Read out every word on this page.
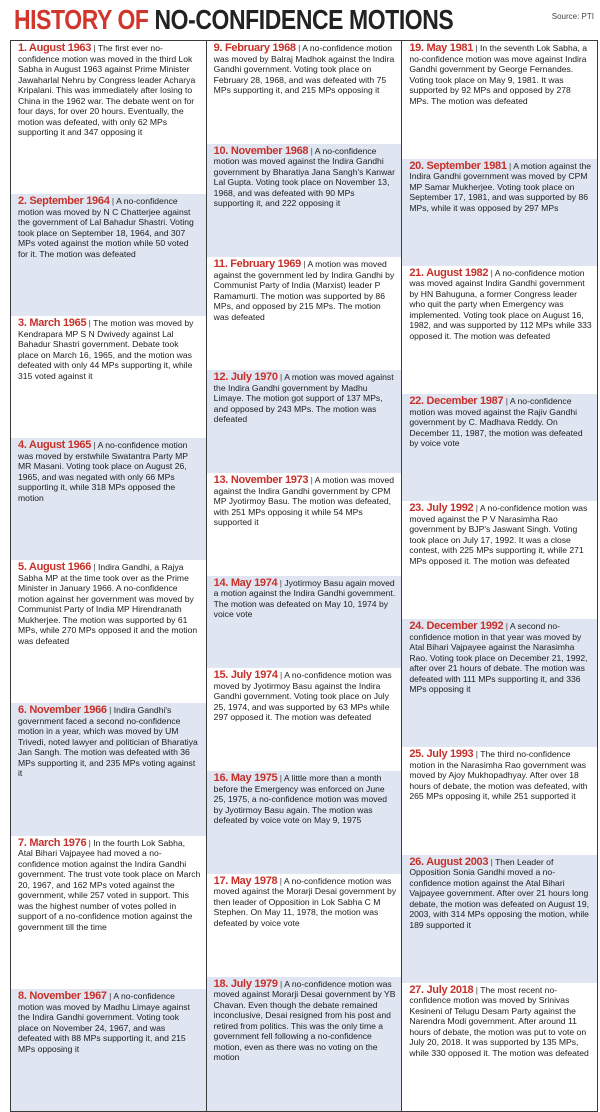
HISTORY OF NO-CONFIDENCE MOTIONS	Source: PTI
1. August 1963 | The first ever no-confidence motion was moved in the third Lok Sabha in August 1963 against Prime Minister Jawaharlal Nehru by Congress leader Acharya Kripalani. This was immediately after losing to China in the 1962 war. The debate went on for four days, for over 20 hours. Eventually, the motion was defeated, with only 62 MPs supporting it and 347 opposing it
2. September 1964 | A no-confidence motion was moved by N C Chatterjee against the government of Lal Bahadur Shastri. Voting took place on September 18, 1964, and 307 MPs voted against the motion while 50 voted for it. The motion was defeated
3. March 1965 | The motion was moved by Kendrapara MP S N Dwivedy against Lal Bahadur Shastri government. Debate took place on March 16, 1965, and the motion was defeated with only 44 MPs supporting it, while 315 voted against it
4. August 1965 | A no-confidence motion was moved by erstwhile Swatantra Party MP MR Masani. Voting took place on August 26, 1965, and was negated with only 66 MPs supporting it, while 318 MPs opposed the motion
5. August 1966 | Indira Gandhi, a Rajya Sabha MP at the time took over as the Prime Minister in January 1966. A no-confidence motion against her government was moved by Communist Party of India MP Hirendranath Mukherjee. The motion was supported by 61 MPs, while 270 MPs opposed it and the motion was defeated
6. November 1966 | Indira Gandhi's government faced a second no-confidence motion in a year, which was moved by UM Trivedi, noted lawyer and politician of Bharatiya Jan Sangh. The motion was defeated with 36 MPs supporting it, and 235 MPs voting against it
7. March 1976 | In the fourth Lok Sabha, Atal Bihari Vajpayee had moved a no-confidence motion against the Indira Gandhi government. The trust vote took place on March 20, 1967, and 162 MPs voted against the government, while 257 voted in support. This was the highest number of votes polled in support of a no-confidence motion against the government till the time
8. November 1967 | A no-confidence motion was moved by Madhu Limaye against the Indira Gandhi government. Voting took place on November 24, 1967, and was defeated with 88 MPs supporting it, and 215 MPs opposing it
9. February 1968 | A no-confidence motion was moved by Balraj Madhok against the Indira Gandhi government. Voting took place on February 28, 1968, and was defeated with 75 MPs supporting it, and 215 MPs opposing it
10. November 1968 | A no-confidence motion was moved against the Indira Gandhi government by Bharatiya Jana Sangh's Kanwar Lal Gupta. Voting took place on November 13, 1968, and was defeated with 90 MPs supporting it, and 222 opposing it
11. February 1969 | A motion was moved against the government led by Indira Gandhi by Communist Party of India (Marxist) leader P Ramamurti. The motion was supported by 86 MPs, and opposed by 215 MPs. The motion was defeated
12. July 1970 | A motion was moved against the Indira Gandhi government by Madhu Limaye. The motion got support of 137 MPs, and opposed by 243 MPs. The motion was defeated
13. November 1973 | A motion was moved against the Indira Gandhi government by CPM MP Jyotirmoy Basu. The motion was defeated, with 251 MPs opposing it while 54 MPs supported it
14. May 1974 | Jyotirmoy Basu again moved a motion against the Indira Gandhi government. The motion was defeated on May 10, 1974 by voice vote
15. July 1974 | A no-confidence motion was moved by Jyotirmoy Basu against the Indira Gandhi government. Voting took place on July 25, 1974, and was supported by 63 MPs while 297 opposed it. The motion was defeated
16. May 1975 | A little more than a month before the Emergency was enforced on June 25, 1975, a no-confidence motion was moved by Jyotirmoy Basu again. The motion was defeated by voice vote on May 9, 1975
17. May 1978 | A no-confidence motion was moved against the Morarji Desai government by then leader of Opposition in Lok Sabha C M Stephen. On May 11, 1978, the motion was defeated by voice vote
18. July 1979 | A no-confidence motion was moved against Morarji Desai government by YB Chavan. Even though the debate remained inconclusive, Desai resigned from his post and retired from politics. This was the only time a government fell following a no-confidence motion, even as there was no voting on the motion
19. May 1981 | In the seventh Lok Sabha, a no-confidence motion was move against Indira Gandhi government by George Fernandes. Voting took place on May 9, 1981. It was supported by 92 MPs and opposed by 278 MPs. The motion was defeated
20. September 1981 | A motion against the Indira Gandhi government was moved by CPM MP Samar Mukherjee. Voting took place on September 17, 1981, and was supported by 86 MPs, while it was opposed by 297 MPs
21. August 1982 | A no-confidence motion was moved against Indira Gandhi government by HN Bahuguna, a former Congress leader who quit the party when Emergency was implemented. Voting took place on August 16, 1982, and was supported by 112 MPs while 333 opposed it. The motion was defeated
22. December 1987 | A no-confidence motion was moved against the Rajiv Gandhi government by C. Madhava Reddy. On December 11, 1987, the motion was defeated by voice vote
23. July 1992 | A no-confidence motion was moved against the P V Narasimha Rao government by BJP's Jaswant Singh. Voting took place on July 17, 1992. It was a close contest, with 225 MPs supporting it, while 271 MPs opposed it. The motion was defeated
24. December 1992 | A second no-confidence motion in that year was moved by Atal Bihari Vajpayee against the Narasimha Rao. Voting took place on December 21, 1992, after over 21 hours of debate. The motion was defeated with 111 MPs supporting it, and 336 MPs opposing it
25. July 1993 | The third no-confidence motion in the Narasimha Rao government was moved by Ajoy Mukhopadhyay. After over 18 hours of debate, the motion was defeated, with 265 MPs opposing it, while 251 supported it
26. August 2003 | Then Leader of Opposition Sonia Gandhi moved a no-confidence motion against the Atal Bihari Vajpayee government. After over 21 hours long debate, the motion was defeated on August 19, 2003, with 314 MPs opposing the motion, while 189 supported it
27. July 2018 | The most recent no-confidence motion was moved by Srinivas Kesineni of Telugu Desam Party against the Narendra Modi government. After around 11 hours of debate, the motion was put to vote on July 20, 2018. It was supported by 135 MPs, while 330 opposed it. The motion was defeated
